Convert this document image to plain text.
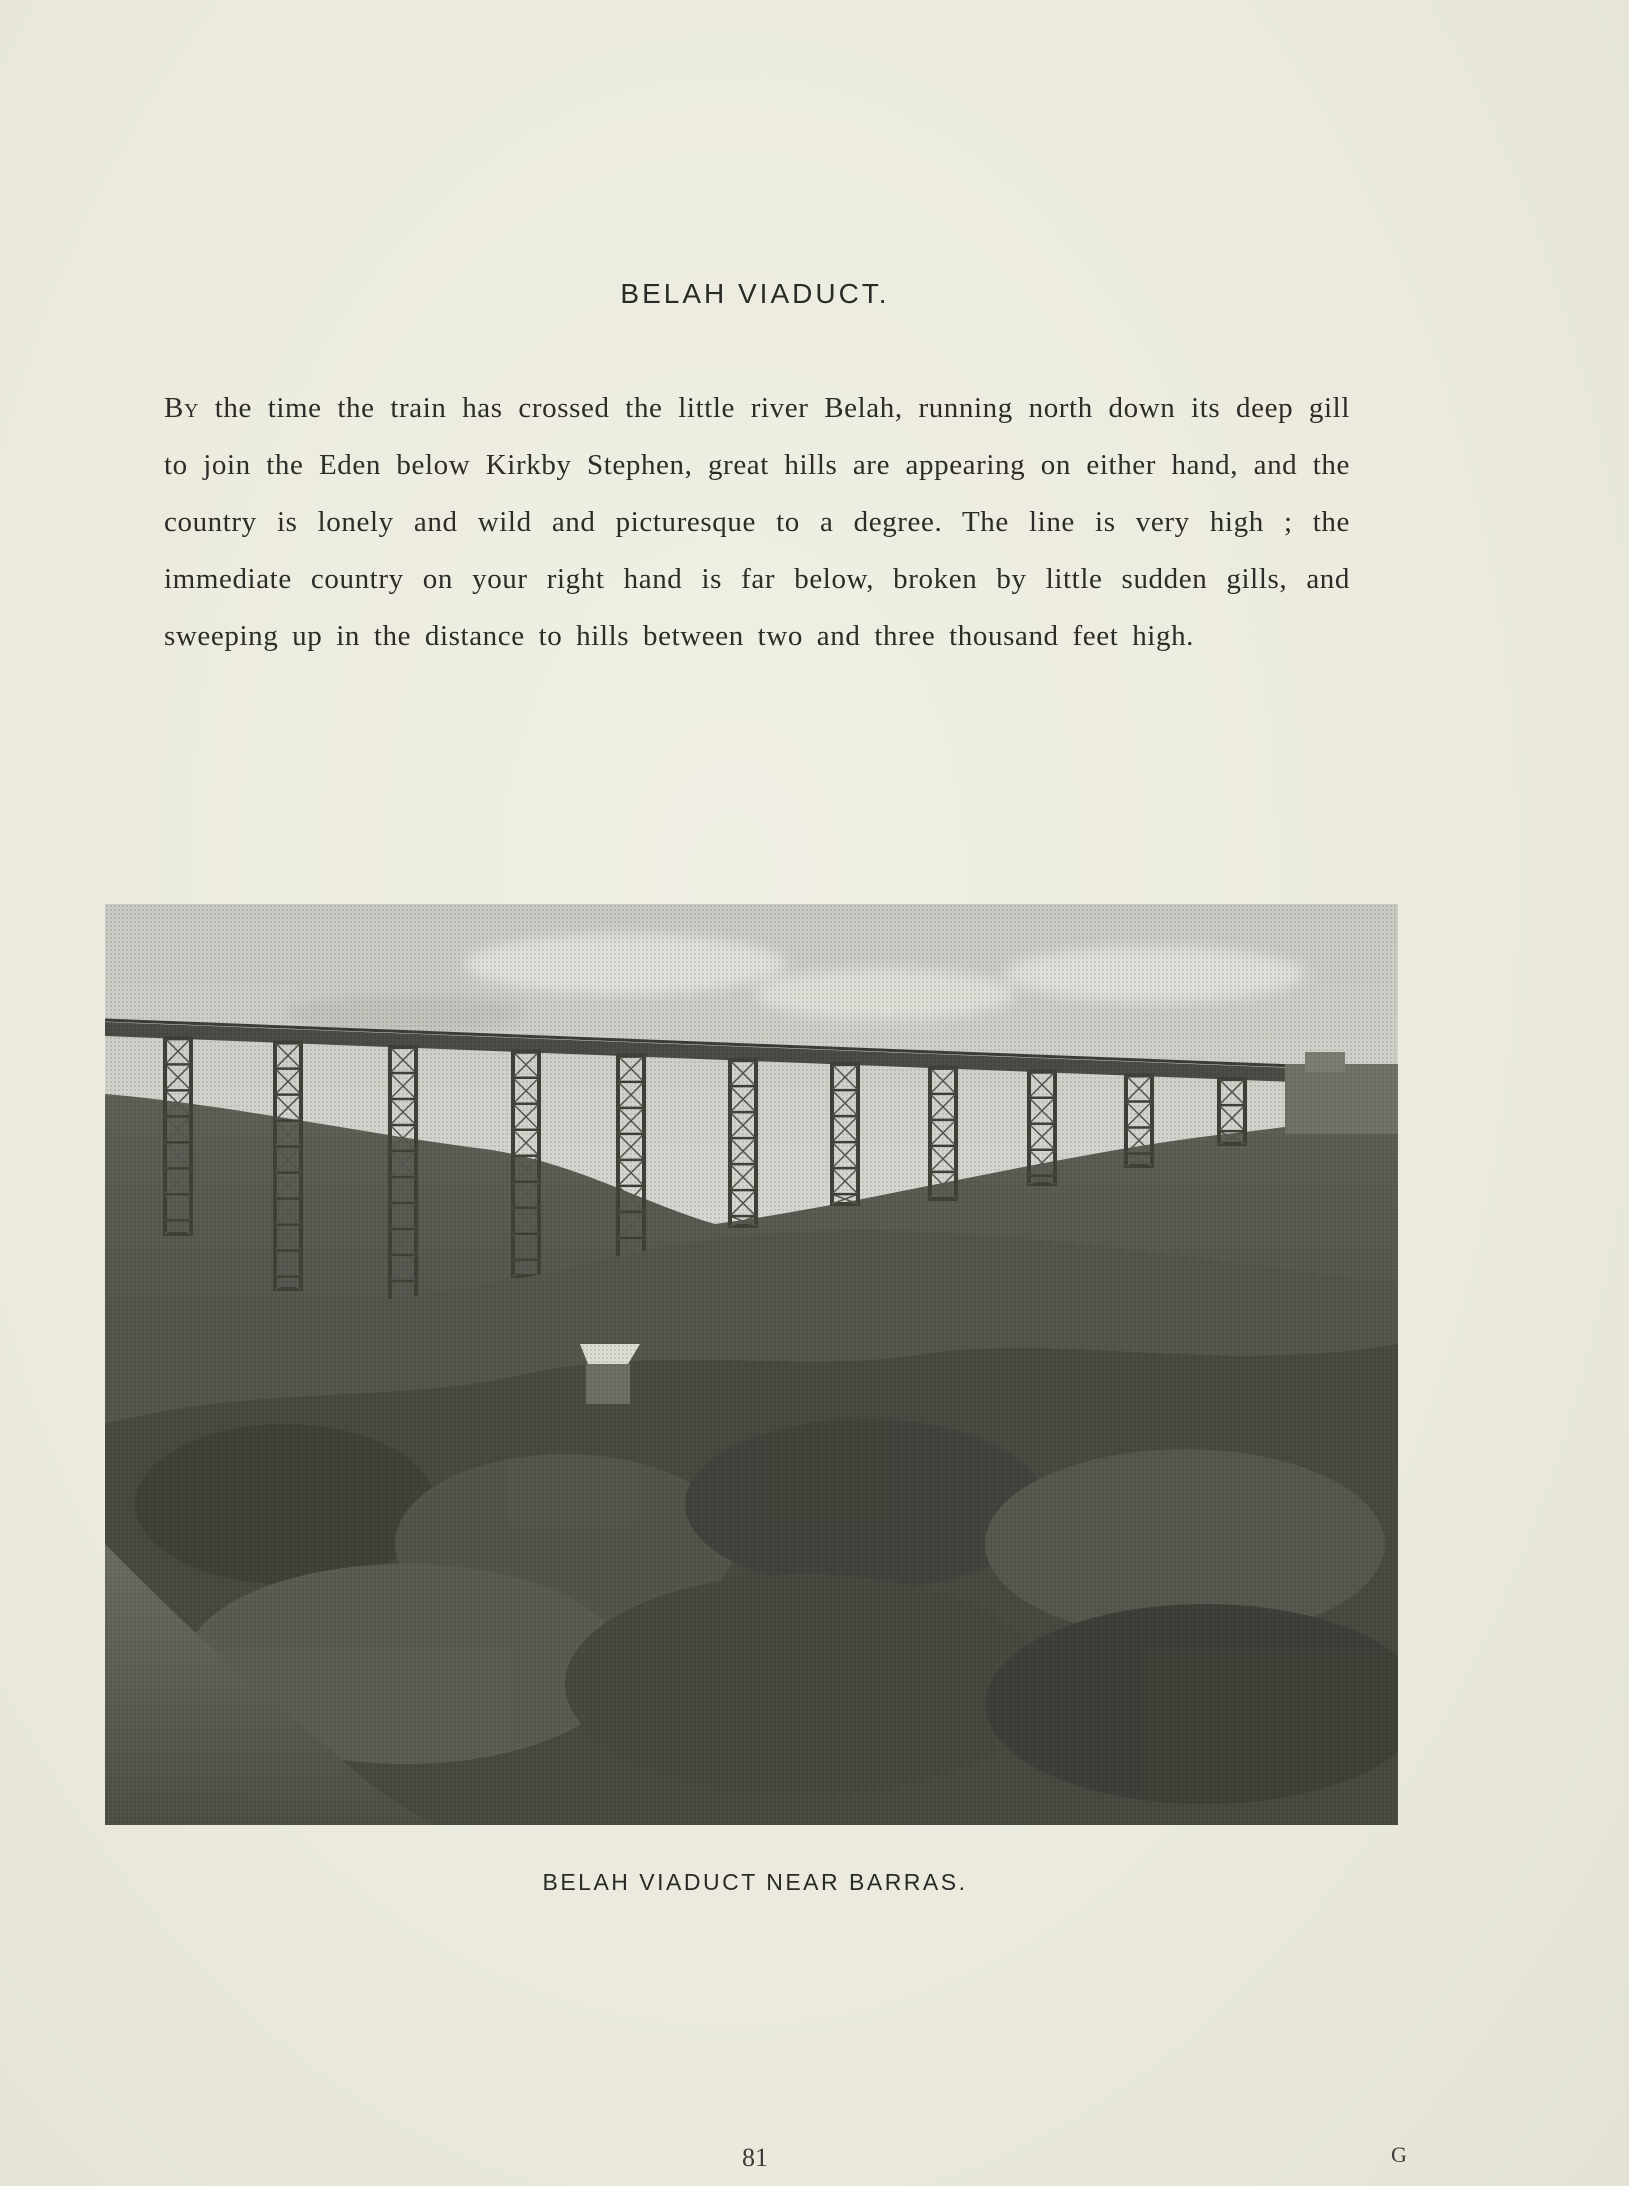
BELAH VIADUCT.
By the time the train has crossed the little river Belah, running north down its deep gill to join the Eden below Kirkby Stephen, great hills are appearing on either hand, and the country is lonely and wild and picturesque to a degree. The line is very high ; the immediate country on your right hand is far below, broken by little sudden gills, and sweeping up in the distance to hills between two and three thousand feet high.
BELAH VIADUCT NEAR BARRAS.
81	G
